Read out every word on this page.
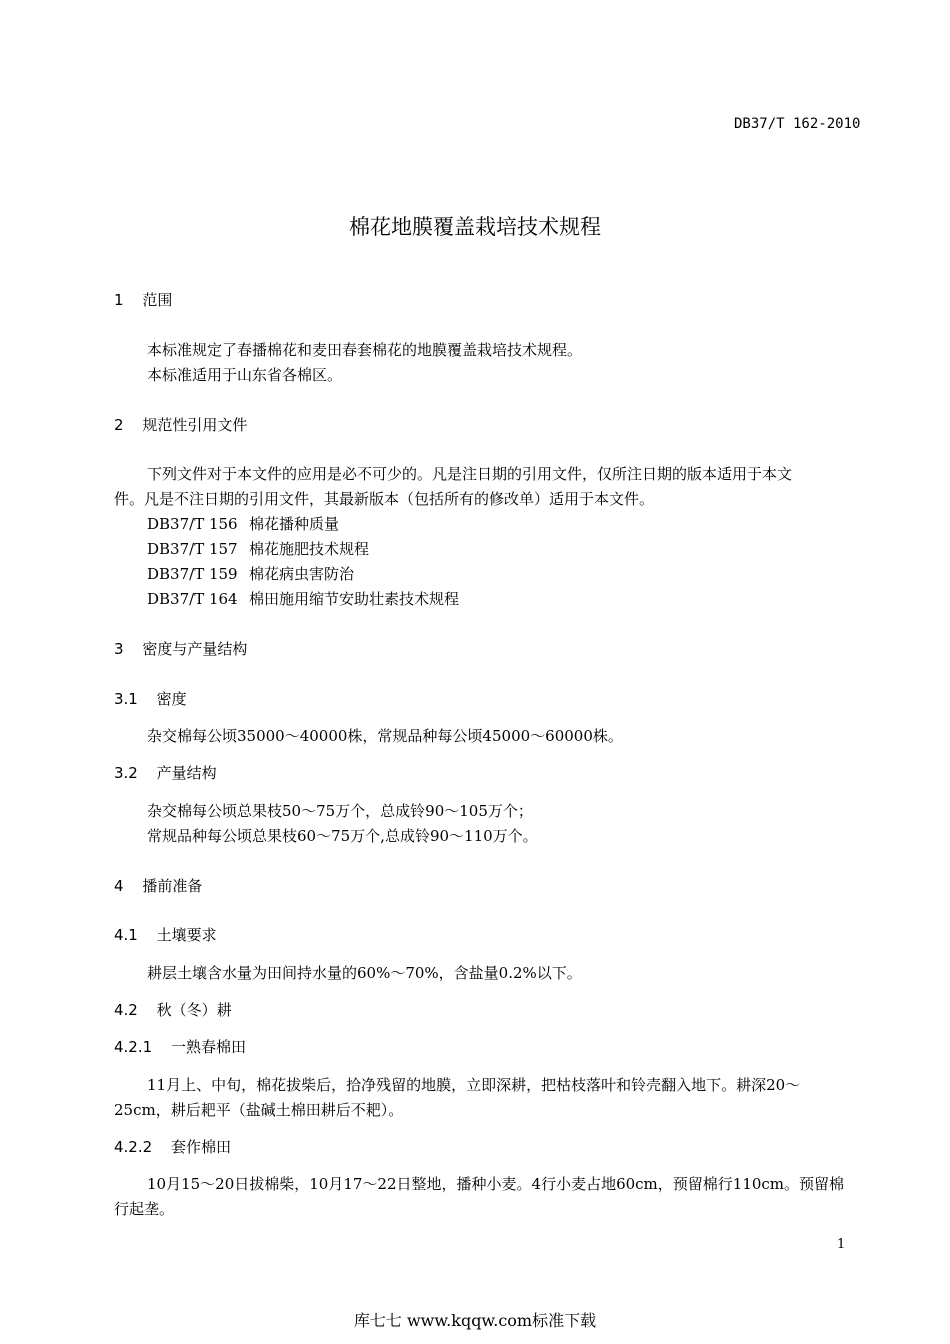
DB37/T 162-2010
棉花地膜覆盖栽培技术规程
1 范围
本标准规定了春播棉花和麦田春套棉花的地膜覆盖栽培技术规程。
本标准适用于山东省各棉区。
2 规范性引用文件
下列文件对于本文件的应用是必不可少的。凡是注日期的引用文件，仅所注日期的版本适用于本文
件。凡是不注日期的引用文件，其最新版本（包括所有的修改单）适用于本文件。
DB37/T 156 棉花播种质量
DB37/T 157 棉花施肥技术规程
DB37/T 159 棉花病虫害防治
DB37/T 164 棉田施用缩节安助壮素技术规程
3 密度与产量结构
3.1 密度
杂交棉每公顷35000～40000株，常规品种每公顷45000～60000株。
3.2 产量结构
杂交棉每公顷总果枝50～75万个，总成铃90～105万个；
常规品种每公顷总果枝60～75万个,总成铃90～110万个。
4 播前准备
4.1 土壤要求
耕层土壤含水量为田间持水量的60%～70%，含盐量0.2%以下。
4.2 秋（冬）耕
4.2.1 一熟春棉田
11月上、中旬，棉花拔柴后，拾净残留的地膜，立即深耕，把枯枝落叶和铃壳翻入地下。耕深20～
25cm，耕后耙平（盐碱土棉田耕后不耙）。
4.2.2 套作棉田
10月15～20日拔棉柴，10月17～22日整地，播种小麦。4行小麦占地60cm，预留棉行110cm。预留棉
行起垄。
1
库七七 www.kqqw.com标准下载
